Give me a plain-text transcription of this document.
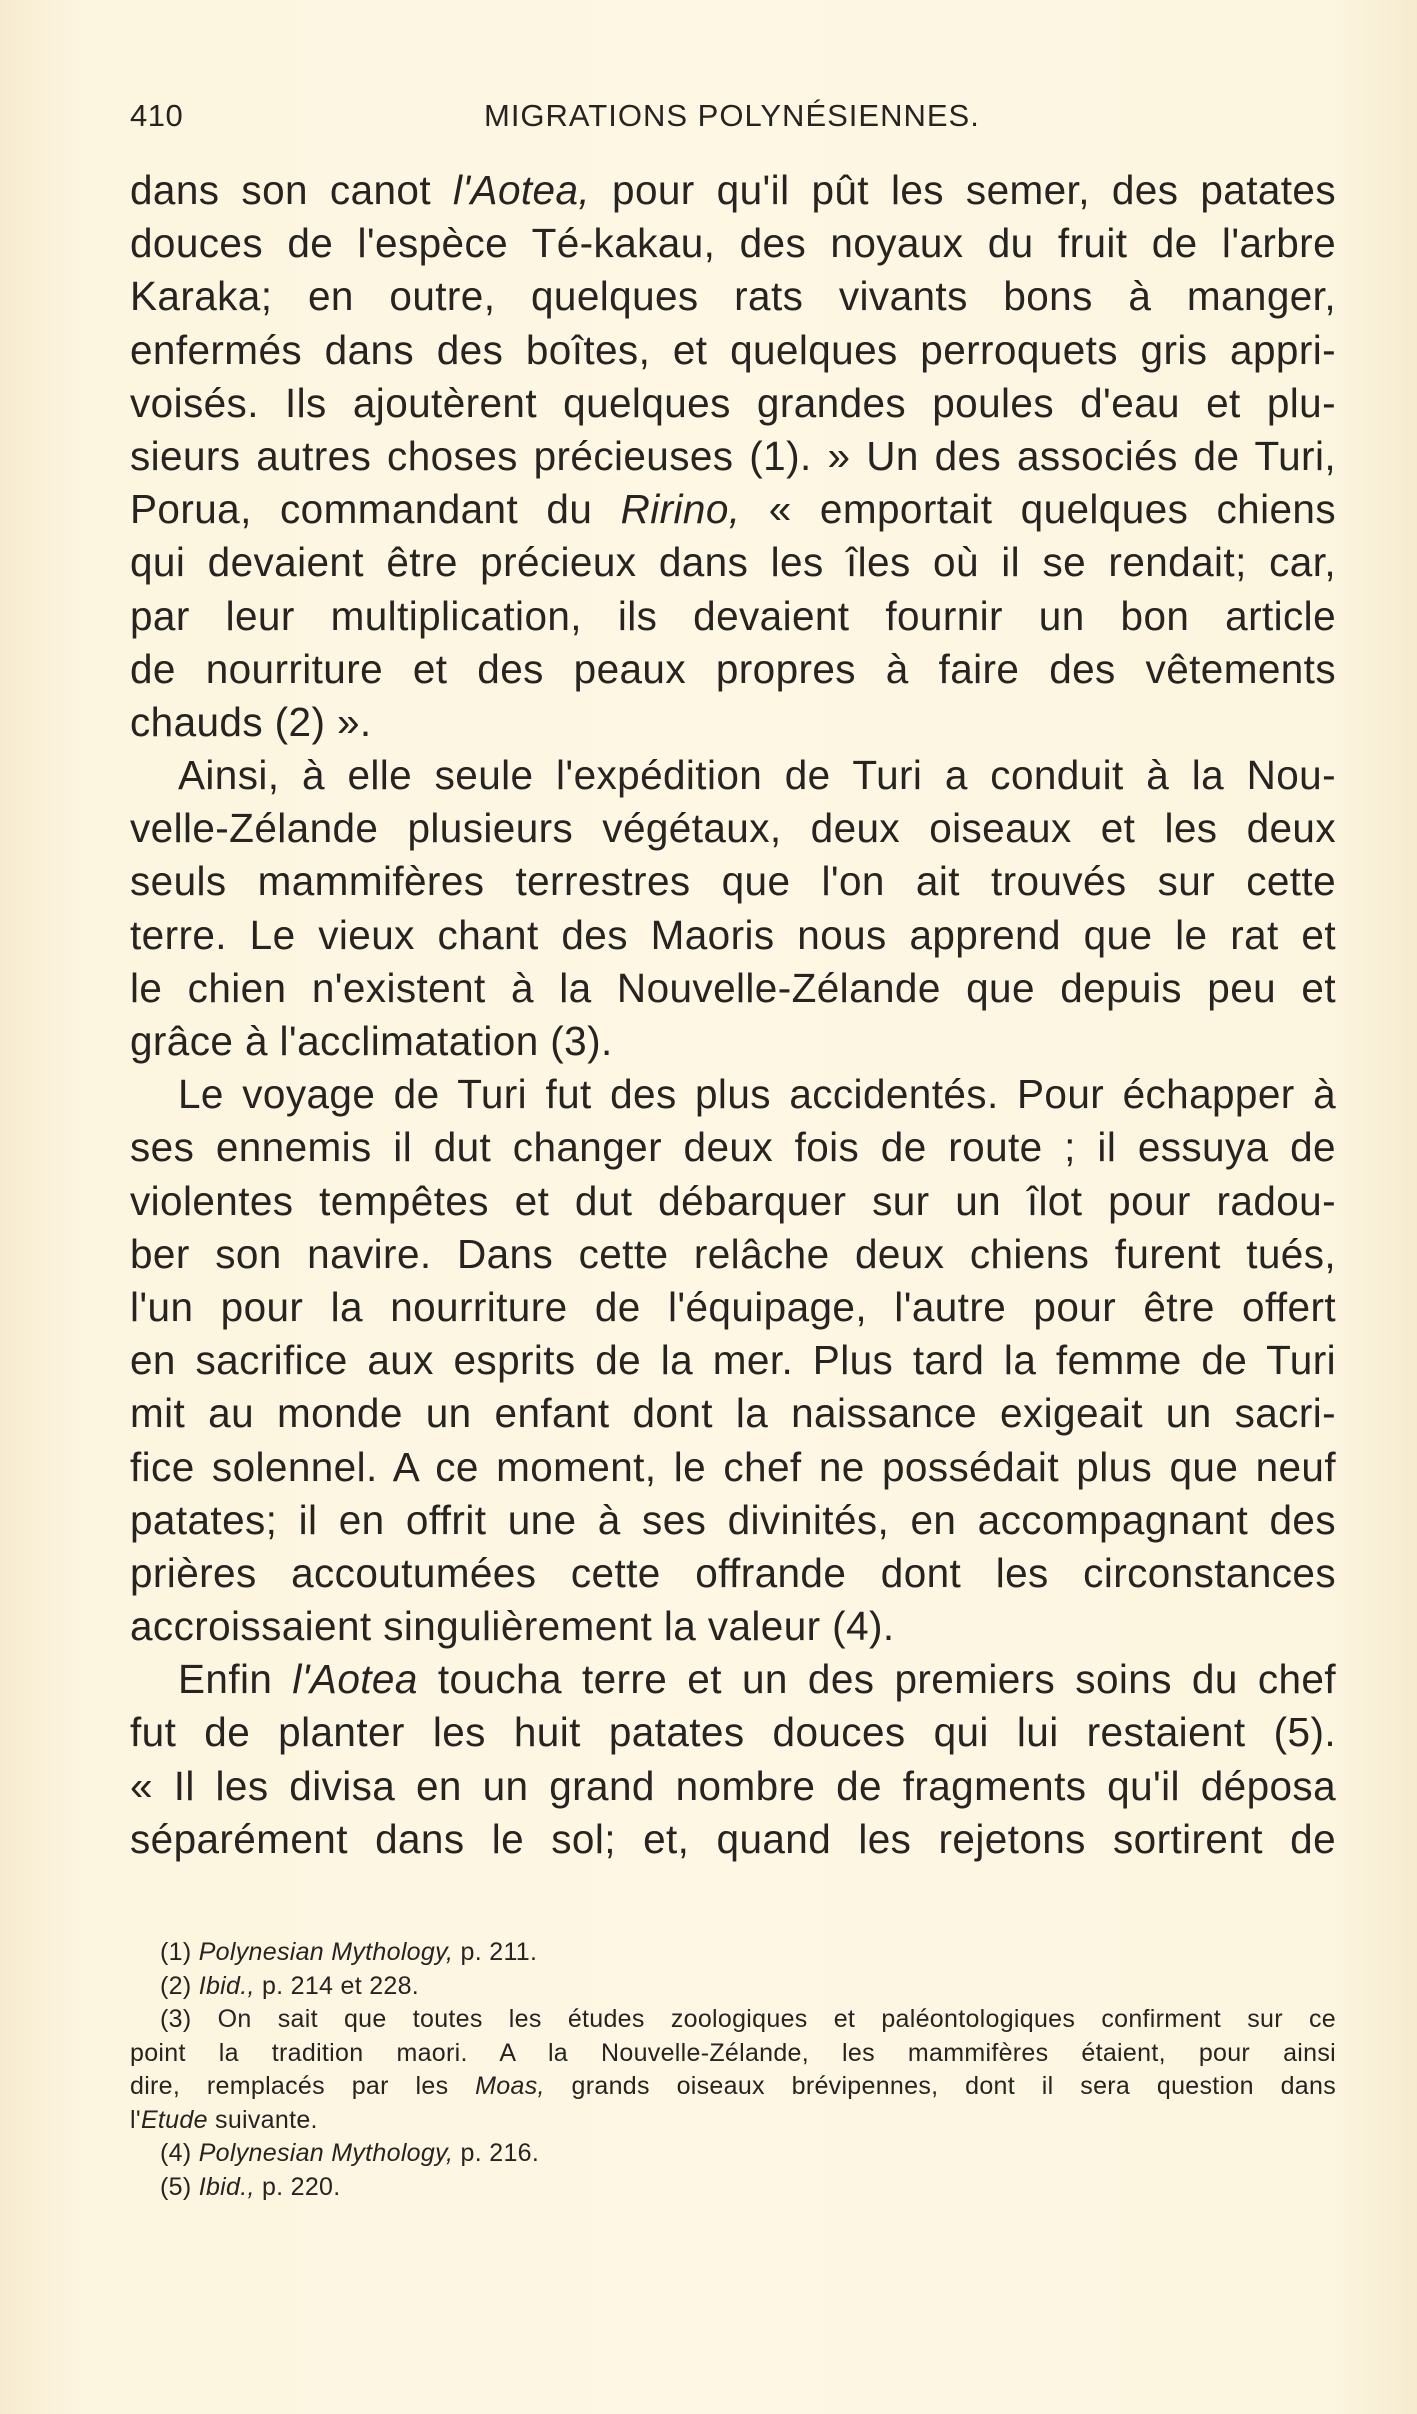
410	MIGRATIONS POLYNÉSIENNES.
dans son canot l'Aotea, pour qu'il pût les semer, des patates
douces de l'espèce Té-kakau, des noyaux du fruit de l'arbre
Karaka; en outre, quelques rats vivants bons à manger,
enfermés dans des boîtes, et quelques perroquets gris appri-
voisés. Ils ajoutèrent quelques grandes poules d'eau et plu-
sieurs autres choses précieuses (1). » Un des associés de Turi,
Porua, commandant du Ririno, « emportait quelques chiens
qui devaient être précieux dans les îles où il se rendait; car,
par leur multiplication, ils devaient fournir un bon article
de nourriture et des peaux propres à faire des vêtements
chauds (2) ».
Ainsi, à elle seule l'expédition de Turi a conduit à la Nou-
velle-Zélande plusieurs végétaux, deux oiseaux et les deux
seuls mammifères terrestres que l'on ait trouvés sur cette
terre. Le vieux chant des Maoris nous apprend que le rat et
le chien n'existent à la Nouvelle-Zélande que depuis peu et
grâce à l'acclimatation (3).
Le voyage de Turi fut des plus accidentés. Pour échapper à
ses ennemis il dut changer deux fois de route ; il essuya de
violentes tempêtes et dut débarquer sur un îlot pour radou-
ber son navire. Dans cette relâche deux chiens furent tués,
l'un pour la nourriture de l'équipage, l'autre pour être offert
en sacrifice aux esprits de la mer. Plus tard la femme de Turi
mit au monde un enfant dont la naissance exigeait un sacri-
fice solennel. A ce moment, le chef ne possédait plus que neuf
patates; il en offrit une à ses divinités, en accompagnant des
prières accoutumées cette offrande dont les circonstances
accroissaient singulièrement la valeur (4).
Enfin l'Aotea toucha terre et un des premiers soins du chef
fut de planter les huit patates douces qui lui restaient (5).
« Il les divisa en un grand nombre de fragments qu'il déposa
séparément dans le sol; et, quand les rejetons sortirent de
(1) Polynesian Mythology, p. 211.
(2) Ibid., p. 214 et 228.
(3) On sait que toutes les études zoologiques et paléontologiques confirment sur ce
point la tradition maori. A la Nouvelle-Zélande, les mammifères étaient, pour ainsi
dire, remplacés par les Moas, grands oiseaux brévipennes, dont il sera question dans
l'Etude suivante.
(4) Polynesian Mythology, p. 216.
(5) Ibid., p. 220.
